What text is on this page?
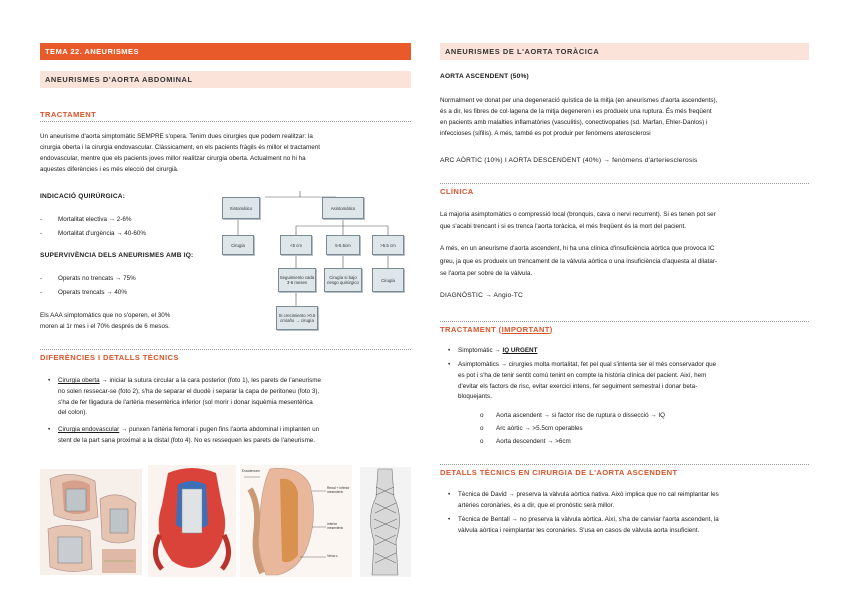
TEMA 22. ANEURISMES
ANEURISMES D'AORTA ABDOMINAL
TRACTAMENT
Un aneurisme d'aorta simptomàtic SEMPRE s'opera. Tenim dues cirurgies que podem realitzar: la
cirurgia oberta i la cirurgia endovascular. Clàssicament, en els pacients fràgils és millor el tractament
endovascular, mentre que els pacients joves millor realitzar cirurgia oberta. Actualment no hi ha
aquestes diferències i es més elecció del cirurgià.
INDICACIÓ QUIRÚRGICA:
-	Mortalitat electiva → 2-6%
-	Mortalitat d'urgència → 40-60%
SUPERVIVÈNCIA DELS ANEURISMES AMB IQ:
-	Operats no trencats → 75%
-	Operats trencats → 40%
Els AAA simptomàtics que no s'operen, el 30%
moren al 1r mes i el 70% després de 6 mesos.
Sintomático	Asintomático
Cirugía	<5 cm	5-5.5cm	>5.5 cm
Seguimiento cada 3-6 meses
Cirugía si bajo riesgo quirúrgico	Cirugía
Si crecimiento >0.5 cm/año → cirugía
DIFERÈNCIES I DETALLS TÈCNICS
• Cirurgia oberta → iniciar la sutura circular a la cara posterior (foto 1), les parets de l'aneurisme
no solen ressecar-se (foto 2), s'ha de separar el duodè i separar la capa de peritoneu (foto 3),
s'ha de fer lligadura de l'artèria mesentèrica inferior (sol morir i donar isquèmia mesentèrica
del colon).
• Cirurgia endovascular → punxen l'artèria femoral i pugen fins l'aorta abdominal i implanten un
stent de la part sana proximal a la distal (foto 4). No es ressequen les parets de l'aneurisme.
Duodenum
Renal + inferior mesenteric
Inferior mesenteric
Vena c.
ANEURISMES DE L'AORTA TORÀCICA
AORTA ASCENDENT (50%)
Normalment ve donat per una degeneració quística de la mitja (en aneurismes d'aorta ascendents),
és a dir, les fibres de col·lagena de la mitja degeneren i es produeix una ruptura. És més freqüent
en pacients amb malalties inflamatòries (vasculitis), conectivopaties (sd. Marfan, Ehler-Danlos) i
infeccioses (sífilis). A més, també es pot produir per fenòmens aterosclerosi
ARC AÒRTIC (10%) I AORTA DESCENDENT (40%) → fenòmens d'arteriesclerosis
CLÍNICA
La majoria asimptomàtics o compressió local (bronquis, cava o nervi recurrent). Si es tenen pot ser
que s'acabi trencant i si es trenca l'aorta toràcica, el més freqüent és la mort del pacient.
A més, en un aneurisme d'aorta ascendent, hi ha una clínica d'insuficiència aòrtica que provoca IC
greu, ja que es produeix un trencament de la vàlvula aòrtica o una insuficiència d'aquesta al dilatar-
se l'aorta per sobre de la vàlvula.
DIAGNÒSTIC → Angio-TC
TRACTAMENT (IMPORTANT)
• Simptomàtic → IQ URGENT
• Asimptomàtics → cirurgies molta mortalitat, fet pel qual s'intenta ser el més conservador que
es pot i s'ha de tenir sentit comú tenint en compte la història clínica del pacient. Així, hem
d'evitar els factors de risc, evitar exercici intens, fer seguiment semestral i donar beta-
bloquejants.
o Aorta ascendent → si factor risc de ruptura o dissecció → IQ
o Arc aòrtic → >5.5cm operables
o Aorta descendent → >6cm
DETALLS TÈCNICS EN CIRURGIA DE L'AORTA ASCENDENT
• Tècnica de David → preserva la vàlvula aòrtica nativa. Això implica que no cal reimplantar les
artèries coronàries, és a dir, que el pronòstic serà millor.
• Tècnica de Bentall → no preserva la vàlvula aòrtica. Així, s'ha de canviar l'aorta ascendent, la
vàlvula aòrtica i reimplantar les coronàries. S'usa en casos de vàlvula aorta insuficient.
